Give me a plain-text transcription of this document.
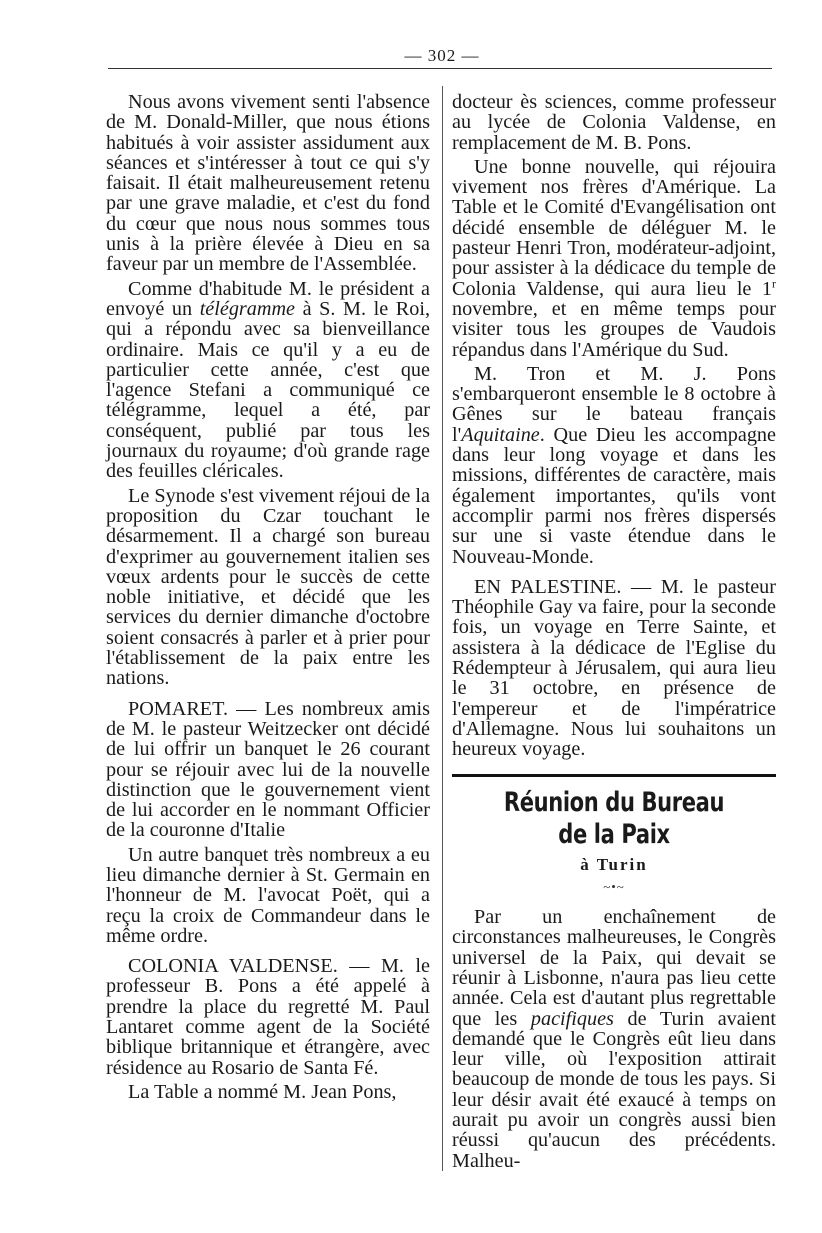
— 302 —

Nous avons vivement senti l'absence de M. Donald-Miller, que nous étions habitués à voir assister assidument aux séances et s'intéresser à tout ce qui s'y faisait. Il était malheureusement retenu par une grave maladie, et c'est du fond du cœur que nous nous sommes tous unis à la prière élevée à Dieu en sa faveur par un membre de l'Assemblée.

Comme d'habitude M. le président a envoyé un télégramme à S. M. le Roi, qui a répondu avec sa bienveillance ordinaire. Mais ce qu'il y a eu de particulier cette année, c'est que l'agence Stefani a communiqué ce télégramme, lequel a été, par conséquent, publié par tous les journaux du royaume; d'où grande rage des feuilles cléricales.

Le Synode s'est vivement réjoui de la proposition du Czar touchant le désarmement. Il a chargé son bureau d'exprimer au gouvernement italien ses vœux ardents pour le succès de cette noble initiative, et décidé que les services du dernier dimanche d'octobre soient consacrés à parler et à prier pour l'établissement de la paix entre les nations.

POMARET. — Les nombreux amis de M. le pasteur Weitzecker ont décidé de lui offrir un banquet le 26 courant pour se réjouir avec lui de la nouvelle distinction que le gouvernement vient de lui accorder en le nommant Officier de la couronne d'Italie

Un autre banquet très nombreux a eu lieu dimanche dernier à St. Germain en l'honneur de M. l'avocat Poët, qui a reçu la croix de Commandeur dans le même ordre.

COLONIA VALDENSE. — M. le professeur B. Pons a été appelé à prendre la place du regretté M. Paul Lantaret comme agent de la Société biblique britannique et étrangère, avec résidence au Rosario de Santa Fé.

La Table a nommé M. Jean Pons,

docteur ès sciences, comme professeur au lycée de Colonia Valdense, en remplacement de M. B. Pons.

Une bonne nouvelle, qui réjouira vivement nos frères d'Amérique. La Table et le Comité d'Evangélisation ont décidé ensemble de déléguer M. le pasteur Henri Tron, modérateur-adjoint, pour assister à la dédicace du temple de Colonia Valdense, qui aura lieu le 1$^r$ novembre, et en même temps pour visiter tous les groupes de Vaudois répandus dans l'Amérique du Sud.

M. Tron et M. J. Pons s'embarqueront ensemble le 8 octobre à Gênes sur le bateau français l'Aquitaine. Que Dieu les accompagne dans leur long voyage et dans les missions, différentes de caractère, mais également importantes, qu'ils vont accomplir parmi nos frères dispersés sur une si vaste étendue dans le Nouveau-Monde.

EN PALESTINE. — M. le pasteur Théophile Gay va faire, pour la seconde fois, un voyage en Terre Sainte, et assistera à la dédicace de l'Eglise du Rédempteur à Jérusalem, qui aura lieu le 31 octobre, en présence de l'empereur et de l'impératrice d'Allemagne. Nous lui souhaitons un heureux voyage.

Réunion du Bureau de la Paix
à Turin
~•~

Par un enchaînement de circonstances malheureuses, le Congrès universel de la Paix, qui devait se réunir à Lisbonne, n'aura pas lieu cette année. Cela est d'autant plus regrettable que les pacifiques de Turin avaient demandé que le Congrès eût lieu dans leur ville, où l'exposition attirait beaucoup de monde de tous les pays. Si leur désir avait été exaucé à temps on aurait pu avoir un congrès aussi bien réussi qu'aucun des précédents. Malheu-
